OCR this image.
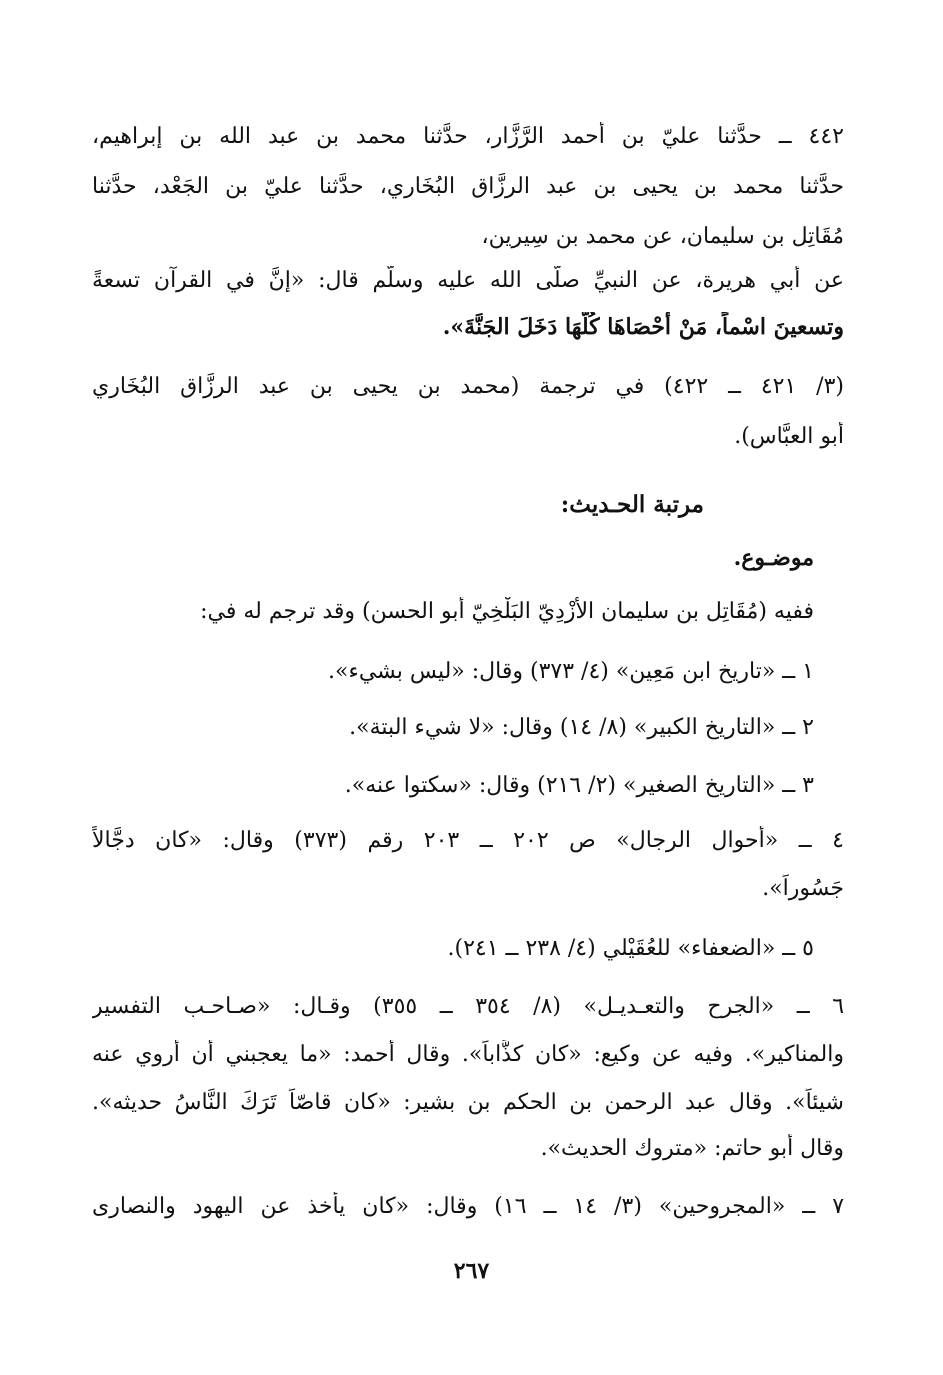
٤٤٢ ــ حدَّثنا عليّ بن أحمد الرَّزَّار، حدَّثنا محمد بن عبد الله بن إبراهيم،
حدَّثنا محمد بن يحيى بن عبد الرزَّاق البُخَاري، حدَّثنا عليّ بن الجَعْد، حدَّثنا
مُقَاتِل بن سليمان، عن محمد بن سِيرين،
عن أبي هريرة، عن النبيِّ صلَّى الله عليه وسلَّم قال: «إنَّ في القرآن تسعةً
وتسعينَ اسْماً، مَنْ أحْصَاهَا كُلَّهَا دَخَلَ الجَنَّةَ».
(٣/ ٤٢١ ــ ٤٢٢) في ترجمة (محمد بن يحيى بن عبد الرزَّاق البُخَاري
أبو العبَّاس).
مرتبة الحـديث:
موضـوع.
ففيه (مُقَاتِل بن سليمان الأَزْدِيّ البَلْخِيّ أبو الحسن) وقد ترجم له في:
١ ــ «تاريخ ابن مَعِين» (٤/ ٣٧٣) وقال: «ليس بشيء».
٢ ــ «التاريخ الكبير» (٨/ ١٤) وقال: «لا شيء البتة».
٣ ــ «التاريخ الصغير» (٢/ ٢١٦) وقال: «سكتوا عنه».
٤ ــ «أحوال الرجال» ص ٢٠٢ ــ ٢٠٣ رقم (٣٧٣) وقال: «كان دجَّالاً
جَسُوراً».
٥ ــ «الضعفاء» للعُقَيْلي (٤/ ٢٣٨ ــ ٢٤١).
٦ ــ «الجرح والتعـديـل» (٨/ ٣٥٤ ــ ٣٥٥) وقـال: «صـاحـب التفسير
والمناكير». وفيه عن وكيع: «كان كذَّاباً». وقال أحمد: «ما يعجبني أن أروي عنه
شيئاً». وقال عبد الرحمن بن الحكم بن بشير: «كان قاصّاً تَرَكَ النَّاسُ حديثه».
وقال أبو حاتم: «متروك الحديث».
٧ ــ «المجروحين» (٣/ ١٤ ــ ١٦) وقال: «كان يأخذ عن اليهود والنصارى
٢٦٧
